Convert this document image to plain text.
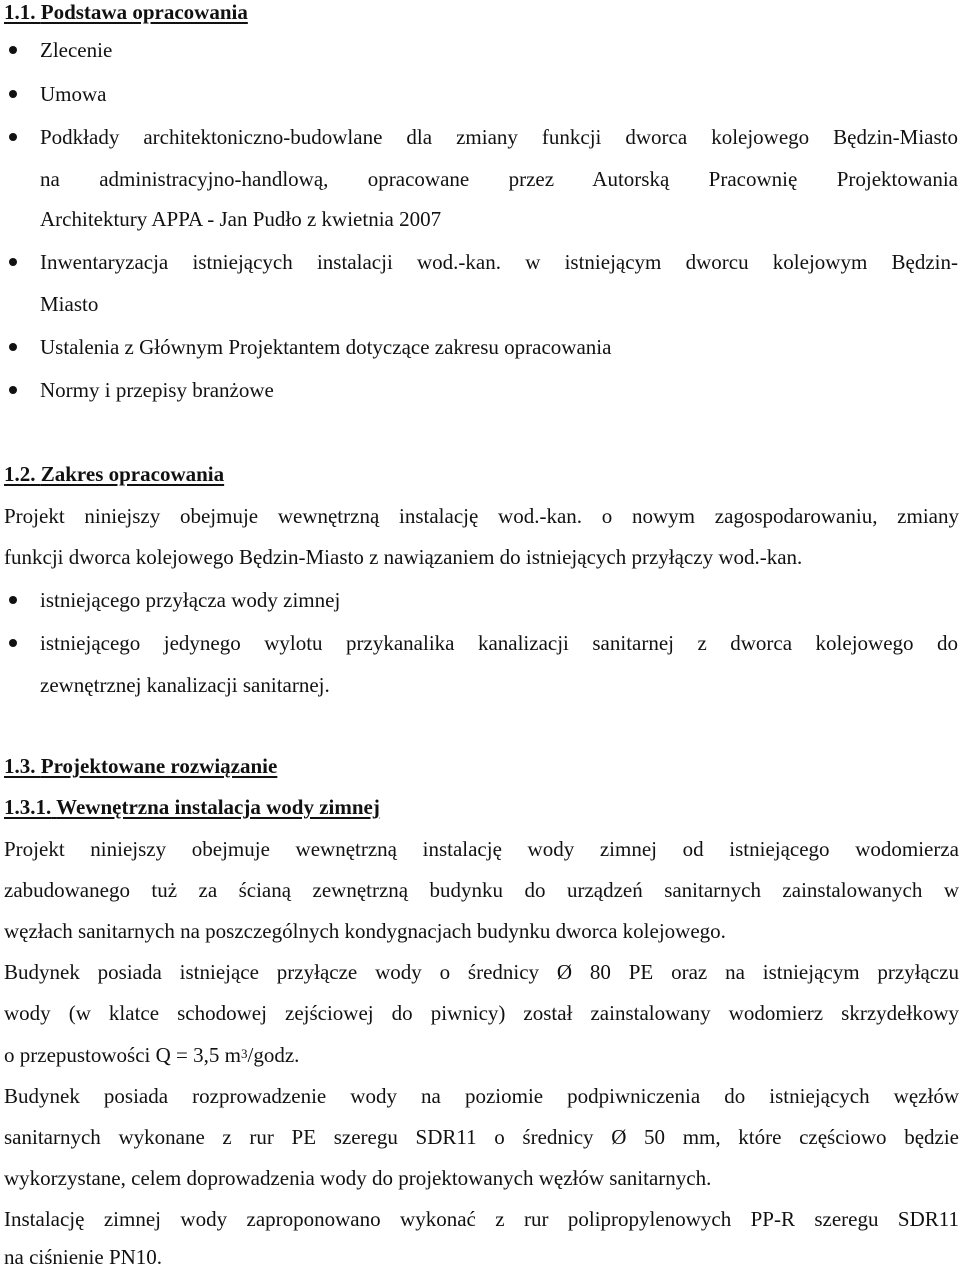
1.1. Podstawa opracowania
Zlecenie
Umowa
Podkłady architektoniczno-budowlane dla zmiany funkcji dworca kolejowego Będzin-Miasto
na administracyjno-handlową, opracowane przez Autorską Pracownię Projektowania
Architektury APPA - Jan Pudło z kwietnia 2007
Inwentaryzacja istniejących instalacji wod.-kan. w istniejącym dworcu kolejowym Będzin-
Miasto
Ustalenia z Głównym Projektantem dotyczące zakresu opracowania
Normy i przepisy branżowe
1.2. Zakres opracowania
Projekt niniejszy obejmuje wewnętrzną instalację wod.-kan. o nowym zagospodarowaniu, zmiany
funkcji dworca kolejowego Będzin-Miasto z nawiązaniem do istniejących przyłączy wod.-kan.
istniejącego przyłącza wody zimnej
istniejącego jedynego wylotu przykanalika kanalizacji sanitarnej z dworca kolejowego do
zewnętrznej kanalizacji sanitarnej.
1.3. Projektowane rozwiązanie
1.3.1. Wewnętrzna instalacja wody zimnej
Projekt niniejszy obejmuje wewnętrzną instalację wody zimnej od istniejącego wodomierza
zabudowanego tuż za ścianą zewnętrzną budynku do urządzeń sanitarnych zainstalowanych w
węzłach sanitarnych na poszczególnych kondygnacjach budynku dworca kolejowego.
Budynek posiada istniejące przyłącze wody o średnicy Ø 80 PE oraz na istniejącym przyłączu
wody (w klatce schodowej zejściowej do piwnicy) został zainstalowany wodomierz skrzydełkowy
o przepustowości Q = 3,5 $m^3$/godz.
Budynek posiada rozprowadzenie wody na poziomie podpiwniczenia do istniejących węzłów
sanitarnych wykonane z rur PE szeregu SDR11 o średnicy Ø 50 mm, które częściowo będzie
wykorzystane, celem doprowadzenia wody do projektowanych węzłów sanitarnych.
Instalację zimnej wody zaproponowano wykonać z rur polipropylenowych PP-R szeregu SDR11
na ciśnienie PN10.
